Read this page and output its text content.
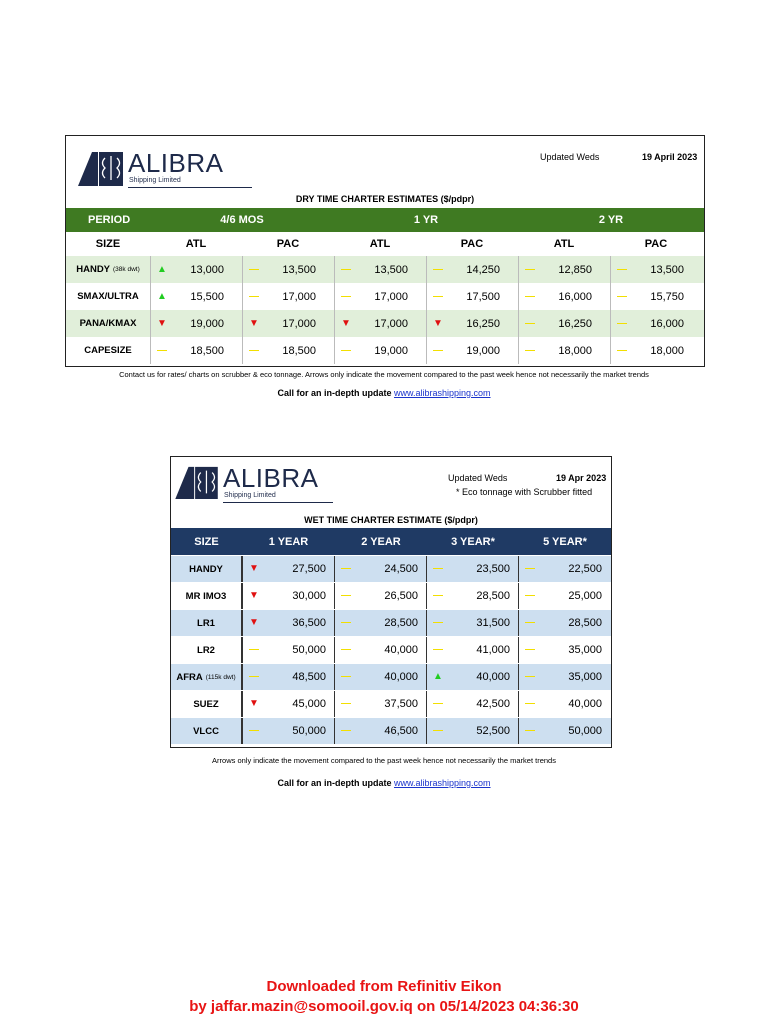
ALIBRA
Shipping Limited
Updated Weds	19 April 2023
DRY TIME CHARTER ESTIMATES ($/pdpr)
PERIOD	4/6 MOS	1 YR	2 YR
SIZE	ATL	PAC	ATL	PAC	ATL	PAC
HANDY (38k dwt) ▲ 13,000	— 13,500	— 13,500	— 14,250	— 12,850	— 13,500
SMAX/ULTRA ▲ 15,500	— 17,000	— 17,000	— 17,500	— 16,000	— 15,750
PANA/KMAX ▼ 19,000	▼ 17,000	▼ 17,000	▼ 16,250	— 16,250	— 16,000
CAPESIZE	— 18,500	— 18,500	— 19,000	— 19,000	— 18,000	— 18,000
Contact us for rates/ charts on scrubber & eco tonnage. Arrows only indicate the movement compared to the past week hence not necessarily the market trends
Call for an in-depth update www.alibrashipping.com
ALIBRA
Shipping Limited
Updated Weds	19 Apr 2023
* Eco tonnage with Scrubber fitted
WET TIME CHARTER ESTIMATE ($/pdpr)
SIZE	1 YEAR	2 YEAR	3 YEAR*	5 YEAR*
HANDY	▼	27,500 —	24,500 —	23,500 —	22,500
MR IMO3 ▼	30,000 —	26,500 —	28,500 —	25,000
LR1	▼	36,500 —	28,500 —	31,500 —	28,500
LR2	—	50,000 —	40,000 —	41,000 —	35,000
AFRA (115k dwt) —	48,500 —	40,000 ▲	40,000 —	35,000
SUEZ	▼	45,000 —	37,500 —	42,500 —	40,000
VLCC	—	50,000 —	46,500 —	52,500 —	50,000
Arrows only indicate the movement compared to the past week hence not necessarily the market trends
Call for an in-depth update www.alibrashipping.com
Downloaded from Refinitiv Eikon
by jaffar.mazin@somooil.gov.iq on 05/14/2023 04:36:30
